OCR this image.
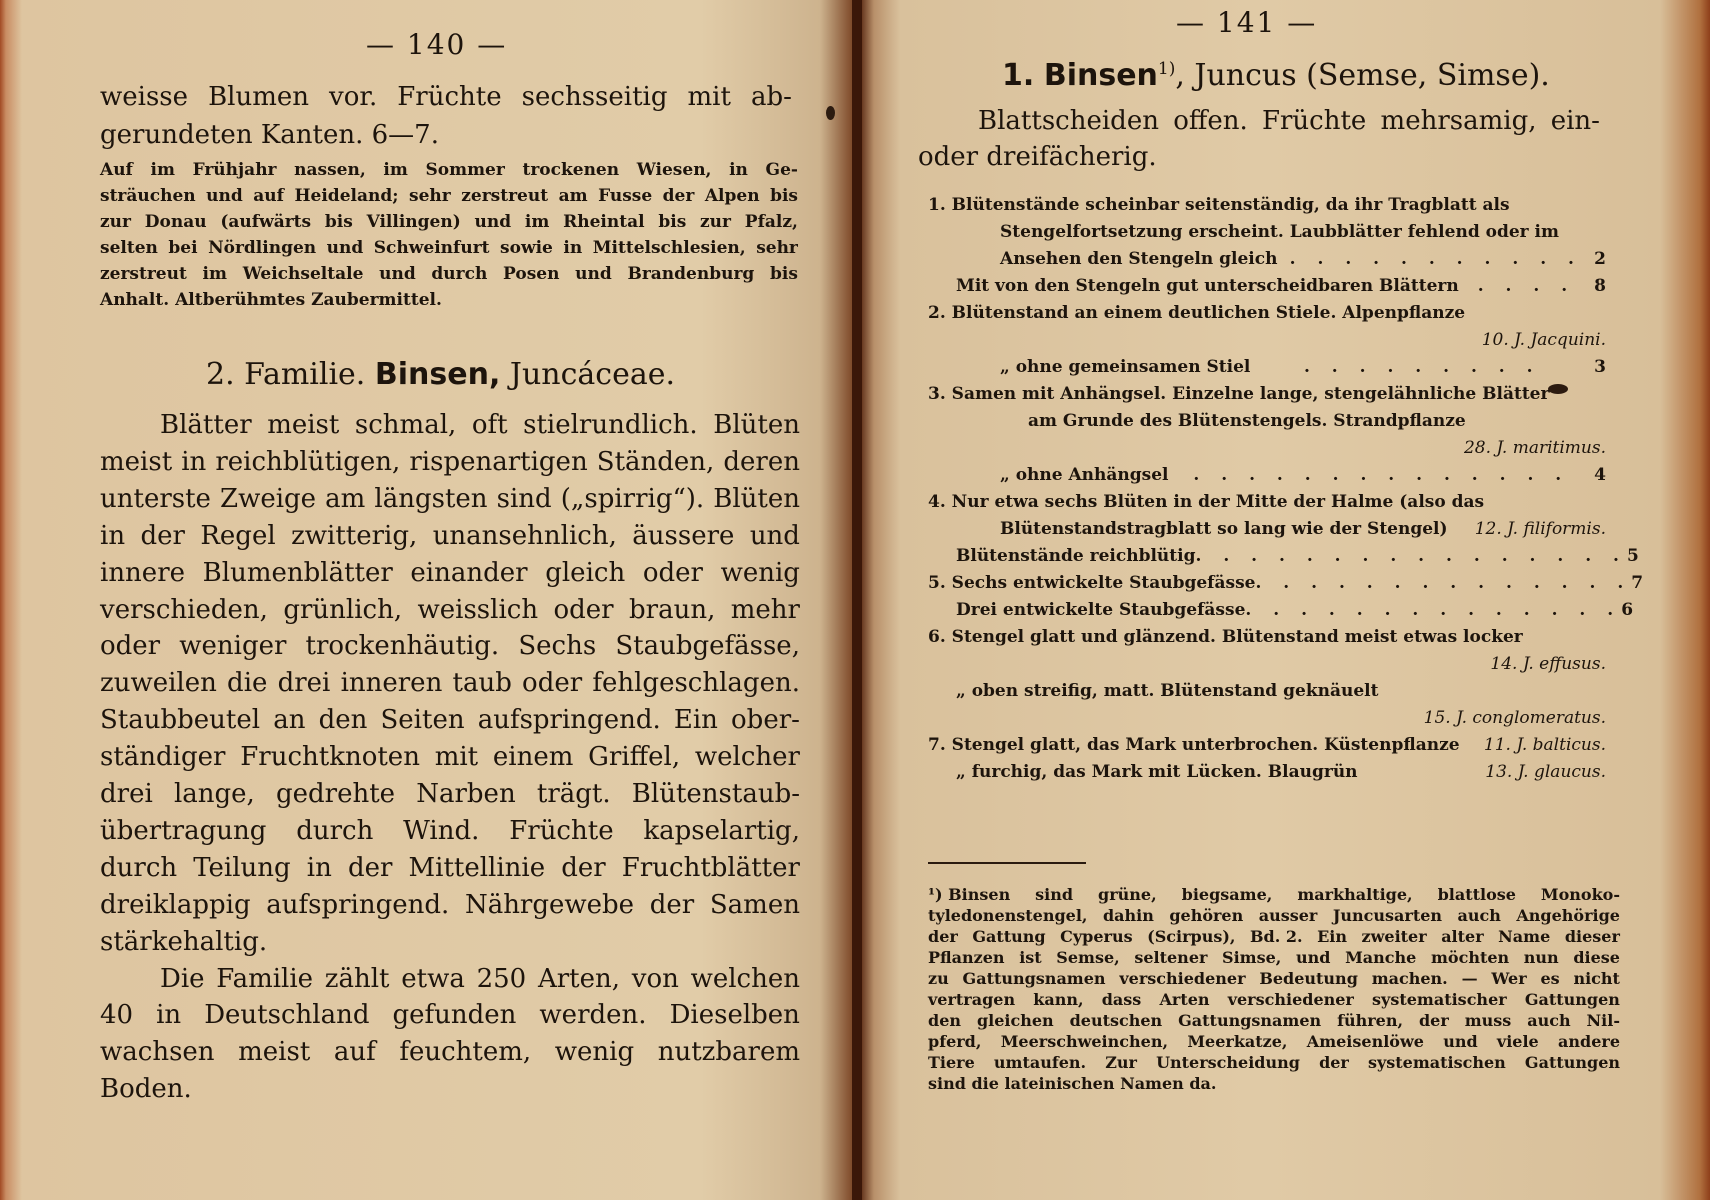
— 140 —
weisse Blumen vor. Früchte sechsseitig mit ab-
gerundeten Kanten. 6—7.
Auf im Frühjahr nassen, im Sommer trockenen Wiesen, in Ge-
sträuchen und auf Heideland; sehr zerstreut am Fusse der Alpen bis
zur Donau (aufwärts bis Villingen) und im Rheintal bis zur Pfalz,
selten bei Nördlingen und Schweinfurt sowie in Mittelschlesien, sehr
zerstreut im Weichseltale und durch Posen und Brandenburg bis
Anhalt. Altberühmtes Zaubermittel.
2. Familie. Binsen, Juncáceae.
Blätter meist schmal, oft stielrundlich. Blüten
meist in reichblütigen, rispenartigen Ständen, deren
unterste Zweige am längsten sind („spirrig“). Blüten
in der Regel zwitterig, unansehnlich, äussere und
innere Blumenblätter einander gleich oder wenig
verschieden, grünlich, weisslich oder braun, mehr
oder weniger trockenhäutig. Sechs Staubgefässe,
zuweilen die drei inneren taub oder fehlgeschlagen.
Staubbeutel an den Seiten aufspringend. Ein ober-
ständiger Fruchtknoten mit einem Griffel, welcher
drei lange, gedrehte Narben trägt. Blütenstaub-
übertragung durch Wind. Früchte kapselartig,
durch Teilung in der Mittellinie der Fruchtblätter
dreiklappig aufspringend. Nährgewebe der Samen
stärkehaltig.
Die Familie zählt etwa 250 Arten, von welchen
40 in Deutschland gefunden werden. Dieselben
wachsen meist auf feuchtem, wenig nutzbarem
Boden.
— 141 —
1. Binsen$^{1)}$, Juncus (Semse, Simse).
Blattscheiden offen. Früchte mehrsamig, ein-
oder dreifächerig.
1. Blütenstände scheinbar seitenständig, da ihr Tragblatt als
Stengelfortsetzung erscheint. Laubblätter fehlend oder im
Ansehen den Stengeln gleich . . . . . . . . . . . 2
Mit von den Stengeln gut unterscheidbaren Blättern . . . . 8
2. Blütenstand an einem deutlichen Stiele. Alpenpflanze
10. J. Jacquini.
„ ohne gemeinsamen Stiel	. . . . . . . . .	3
3. Samen mit Anhängsel. Einzelne lange, stengelähnliche Blätter
am Grunde des Blütenstengels. Strandpflanze
28. J. maritimus.
„ ohne Anhängsel . . . . . . . . . . . . . . 4
4. Nur etwa sechs Blüten in der Mitte der Halme (also das
Blütenstandstragblatt so lang wie der Stengel) 12. J. filiformis.
Blütenstände reichblütig . . . . . . . . . . . . . . . . 5
5. Sechs entwickelte Staubgefässe . . . . . . . . . . . . . . 7
Drei entwickelte Staubgefässe . . . . . . . . . . . . . . 6
6. Stengel glatt und glänzend. Blütenstand meist etwas locker
14. J. effusus.
„ oben streifig, matt. Blütenstand geknäuelt
15. J. conglomeratus.
7. Stengel glatt, das Mark unterbrochen. Küstenpflanze 11. J. balticus.
„ furchig, das Mark mit Lücken. Blaugrün	13. J. glaucus.
¹) Binsen sind grüne, biegsame, markhaltige, blattlose Monoko-
tyledonenstengel, dahin gehören ausser Juncusarten auch Angehörige
der Gattung Cyperus (Scirpus), Bd. 2. Ein zweiter alter Name dieser
Pflanzen ist Semse, seltener Simse, und Manche möchten nun diese
zu Gattungsnamen verschiedener Bedeutung machen. — Wer es nicht
vertragen kann, dass Arten verschiedener systematischer Gattungen
den gleichen deutschen Gattungsnamen führen, der muss auch Nil-
pferd, Meerschweinchen, Meerkatze, Ameisenlöwe und viele andere
Tiere umtaufen. Zur Unterscheidung der systematischen Gattungen
sind die lateinischen Namen da.
